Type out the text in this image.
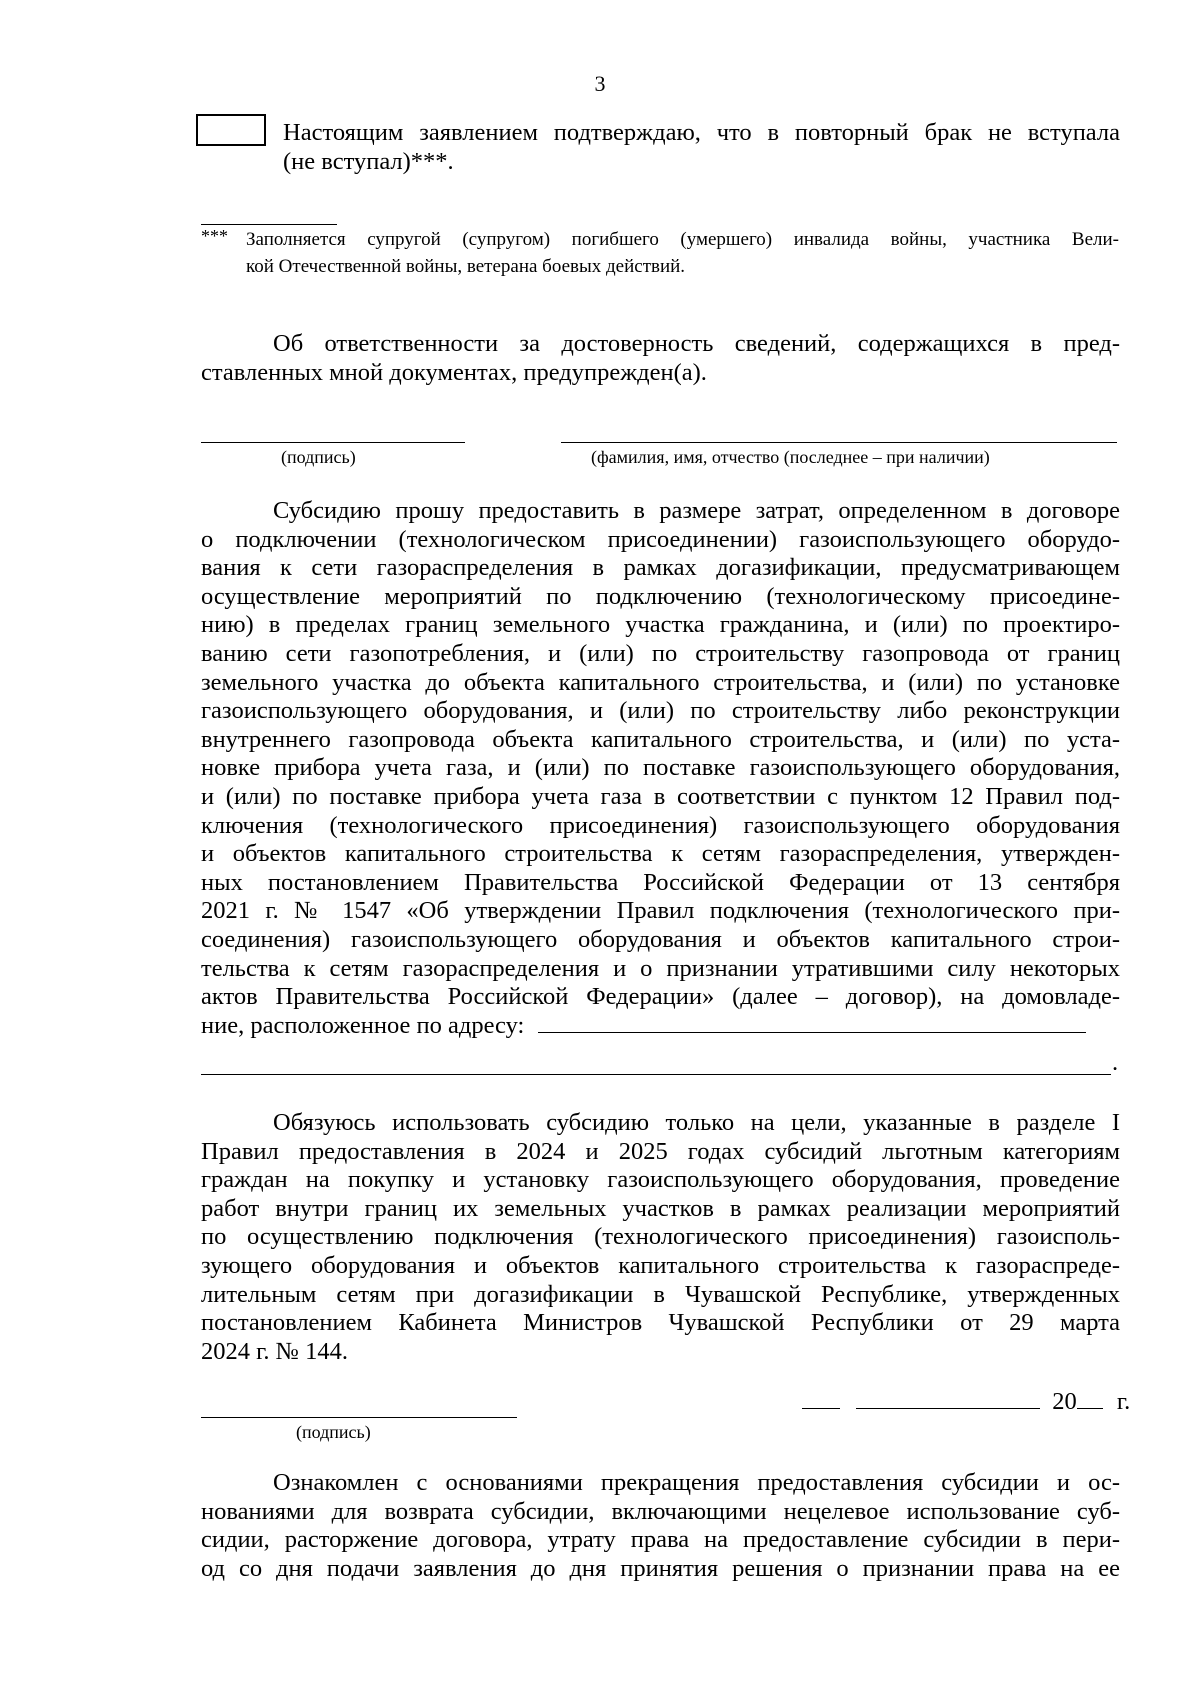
3
Настоящим заявлением подтверждаю, что в повторный брак не вступала
(не вступал)***.
*** Заполняется супругой (супругом) погибшего (умершего) инвалида войны, участника Вели-
кой Отечественной войны, ветерана боевых действий.
Об ответственности за достоверность сведений, содержащихся в пред-
ставленных мной документах, предупрежден(а).
(подпись)	(фамилия, имя, отчество (последнее – при наличии)
Субсидию прошу предоставить в размере затрат, определенном в договоре
о подключении (технологическом присоединении) газоиспользующего оборудо-
вания к сети газораспределения в рамках догазификации, предусматривающем
осуществление мероприятий по подключению (технологическому присоедине-
нию) в пределах границ земельного участка гражданина, и (или) по проектиро-
ванию сети газопотребления, и (или) по строительству газопровода от границ
земельного участка до объекта капитального строительства, и (или) по установке
газоиспользующего оборудования, и (или) по строительству либо реконструкции
внутреннего газопровода объекта капитального строительства, и (или) по уста-
новке прибора учета газа, и (или) по поставке газоиспользующего оборудования,
и (или) по поставке прибора учета газа в соответствии с пунктом 12 Правил под-
ключения (технологического присоединения) газоиспользующего оборудования
и объектов капитального строительства к сетям газораспределения, утвержден-
ных постановлением Правительства Российской Федерации от 13 сентября
2021 г. № 1547 «Об утверждении Правил подключения (технологического при-
соединения) газоиспользующего оборудования и объектов капитального строи-
тельства к сетям газораспределения и о признании утратившими силу некоторых
актов Правительства Российской Федерации» (далее – договор), на домовладе-
ние, расположенное по адресу:
.
Обязуюсь использовать субсидию только на цели, указанные в разделе I
Правил предоставления в 2024 и 2025 годах субсидий льготным категориям
граждан на покупку и установку газоиспользующего оборудования, проведение
работ внутри границ их земельных участков в рамках реализации мероприятий
по осуществлению подключения (технологического присоединения) газоисполь-
зующего оборудования и объектов капитального строительства к газораспреде-
лительным сетям при догазификации в Чувашской Республике, утвержденных
постановлением Кабинета Министров Чувашской Республики от 29 марта
2024 г. № 144.
(подпись)
20 г.
Ознакомлен с основаниями прекращения предоставления субсидии и ос-
нованиями для возврата субсидии, включающими нецелевое использование суб-
сидии, расторжение договора, утрату права на предоставление субсидии в пери-
од со дня подачи заявления до дня принятия решения о признании права на ее
